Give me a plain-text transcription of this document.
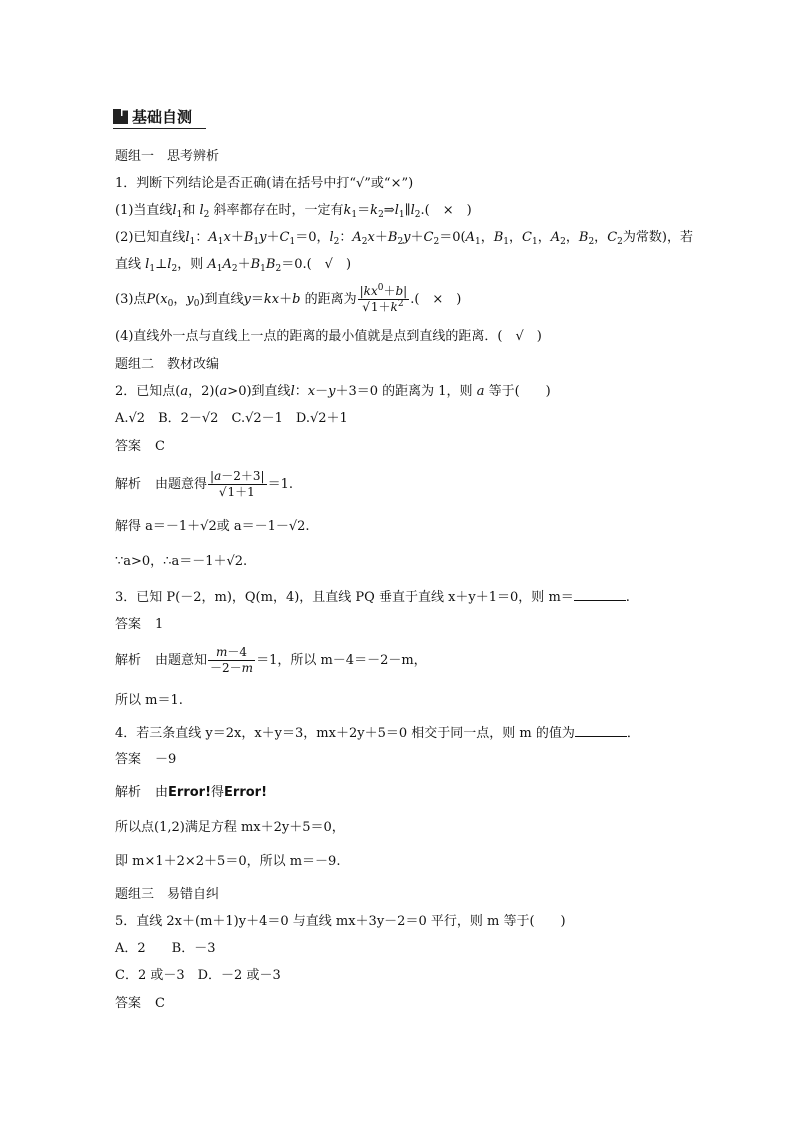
基础自测
题组一　思考辨析
1．判断下列结论是否正确(请在括号中打“√”或“×”)
(1)当直线$l_1$和 $l_2$ 斜率都存在时，一定有$k_1=k_2\Rightarrow l_1\parallel l_2$.(　×　)
(2)已知直线$l_1$：$A_1x+B_1y+C_1=0$，$l_2$：$A_2x+B_2y+C_2=0(A_1$，$B_1$，$C_1$，$A_2$，$B_2$，$C_2$为常数)，若
直线 $l_1\perp l_2$，则 $A_1A_2+B_1B_2=0$.(　√　)
(3)点$P(x_0$，$y_0$)到直线y＝kx＋b 的距离为 $\frac{|kx^0+b|}{√1+k^2}$ .(　×　)
(4)直线外一点与直线上一点的距离的最小值就是点到直线的距离．(　√　)
题组二　教材改编
2．已知点(a，2)(a>0)到直线l：x－y＋3＝0 的距离为 1，则 a 等于(　　)
A.√2　B．2－√2　C.√2－1　D.√2＋1
答案 C
解析 由题意得 $\frac{|a-2+3|}{√1+1} =1$.
解得 a＝－1＋√2或 a＝－1－√2.
∵a>0，∴a＝－1＋√2.
3．已知 P(－2，m)，Q(m，4)，且直线 PQ 垂直于直线 x＋y＋1＝0，则 m＝	.
答案 1
解析 由题意知 $\frac{m-4}{-2-m} =1$，所以 m－4＝－2－m，
所以 m＝1.
4．若三条直线 y＝2x，x＋y＝3，mx＋2y＋5＝0 相交于同一点，则 m 的值为	．
答案 －9
解析 由Error!得Error!
所以点(1,2)满足方程 mx＋2y＋5＝0，
即 m×1＋2×2＋5＝0，所以 m＝－9.
题组三　易错自纠
5．直线 2x＋(m＋1)y＋4＝0 与直线 mx＋3y－2＝0 平行，则 m 等于(　　)
A．2　　B．－3
C．2 或－3　D．－2 或－3
答案 C
